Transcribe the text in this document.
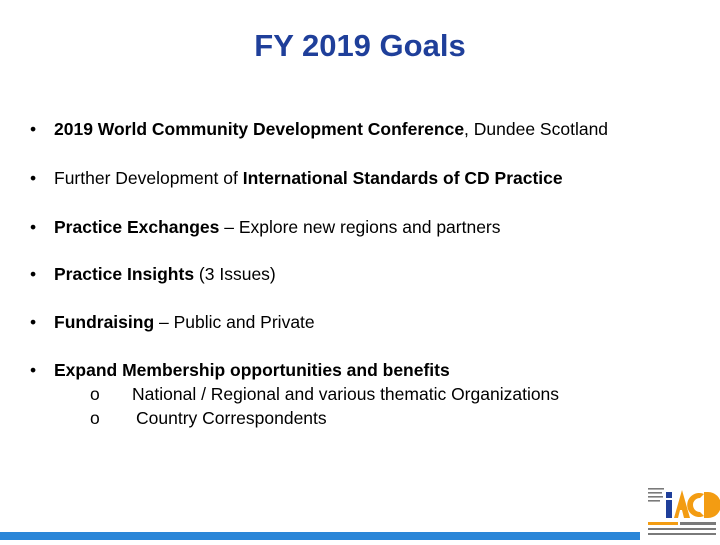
FY 2019 Goals
•	2019 World Community Development Conference, Dundee Scotland
•	Further Development of International Standards of CD Practice
•	Practice Exchanges – Explore new regions and partners
•	Practice Insights (3 Issues)
•	Fundraising – Public and Private
•	Expand Membership opportunities and benefits
o National / Regional and various thematic Organizations
o Country Correspondents
